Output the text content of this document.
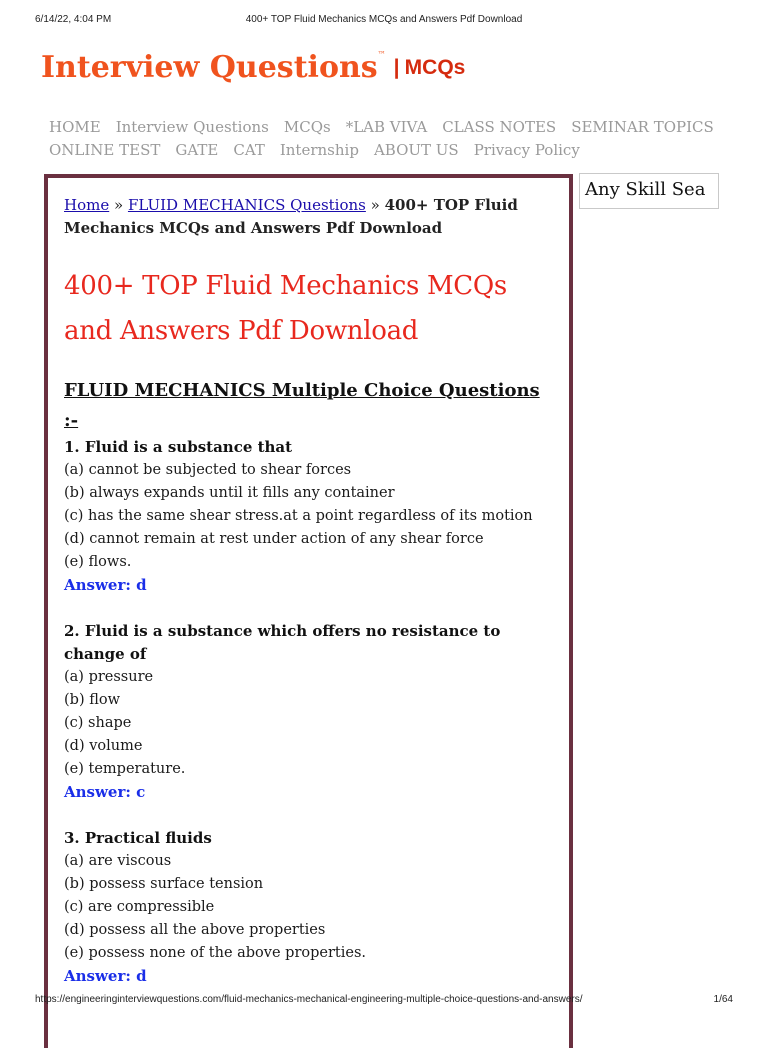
6/14/22, 4:04 PM	400+ TOP Fluid Mechanics MCQs and Answers Pdf Download
Interview Questions™| MCQs
HOME Interview Questions MCQs *LAB VIVA CLASS NOTES SEMINAR TOPICS
ONLINE TEST GATE CAT Internship ABOUT US Privacy Policy
Home » FLUID MECHANICS Questions » 400+ TOP Fluid Mechanics MCQs and Answers Pdf Download
400+ TOP Fluid Mechanics MCQs and Answers Pdf Download
FLUID MECHANICS Multiple Choice Questions
:-
1. Fluid is a substance that
(a) cannot be subjected to shear forces
(b) always expands until it fills any container
(c) has the same shear stress.at a point regardless of its motion
(d) cannot remain at rest under action of any shear force
(e) flows.
Answer: d
2. Fluid is a substance which offers no resistance to change of
(a) pressure
(b) flow
(c) shape
(d) volume
(e) temperature.
Answer: c
3. Practical fluids
(a) are viscous
(b) possess surface tension
(c) are compressible
(d) possess all the above properties
(e) possess none of the above properties.
Answer: d
Any Skill Sea
https://engineeringinterviewquestions.com/fluid-mechanics-mechanical-engineering-multiple-choice-questions-and-answers/	1/64
